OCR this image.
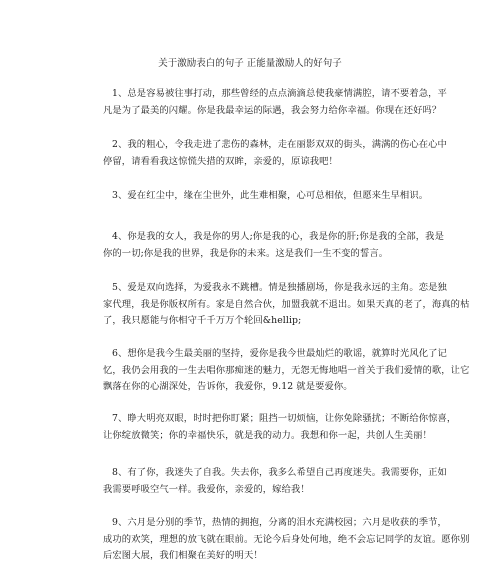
关于激励表白的句子 正能量激励人的好句子
1、总是容易被往事打动，那些曾经的点点滴滴总使我豪情满腔，请不要着急，平
凡是为了最美的闪耀。你是我最幸运的际遇，我会努力给你幸福。你现在还好吗？
2、我的粗心，令我走进了悲伤的森林，走在丽影双双的街头，满满的伤心在心中
停留，请看看我这惊慌失措的双眸，亲爱的，原谅我吧！
3、爱在红尘中，缘在尘世外，此生难相聚，心可总相依，但愿来生早相识。
4、你是我的女人，我是你的男人;你是我的心，我是你的肝;你是我的全部，我是
你的一切;你是我的世界，我是你的未来。这是我们一生不变的誓言。
5、爱是双向选择，为爱我永不跳槽。情是独播剧场，你是我永远的主角。恋是独
家代理，我是你版权所有。家是自然合伙，加盟我就不退出。如果天真的老了，海真的枯
了，我只愿能与你相守千千万万个轮回&hellip;
6、想你是我今生最美丽的坚持，爱你是我今世最灿烂的歌谣，就算时光风化了记
忆，我仍会用我的一生去唱你那痴迷的魅力，无怨无悔地唱一首关于我们爱情的歌，让它
飘落在你的心湖深处，告诉你，我爱你，9.12 就是要爱你。
7、睁大明亮双眼，时时把你盯紧；阻挡一切烦恼，让你免除骚扰；不断给你惊喜，
让你绽放微笑；你的幸福快乐，就是我的动力。我想和你一起，共创人生美丽！
8、有了你，我迷失了自我。失去你，我多么希望自己再度迷失。我需要你，正如
我需要呼吸空气一样。我爱你，亲爱的，嫁给我！
9、六月是分别的季节，热情的拥抱，分离的泪水充满校园；六月是收获的季节，
成功的欢笑，理想的放飞就在眼前。无论今后身处何地，绝不会忘记同学的友谊。愿你别
后宏图大展，我们相聚在美好的明天！
